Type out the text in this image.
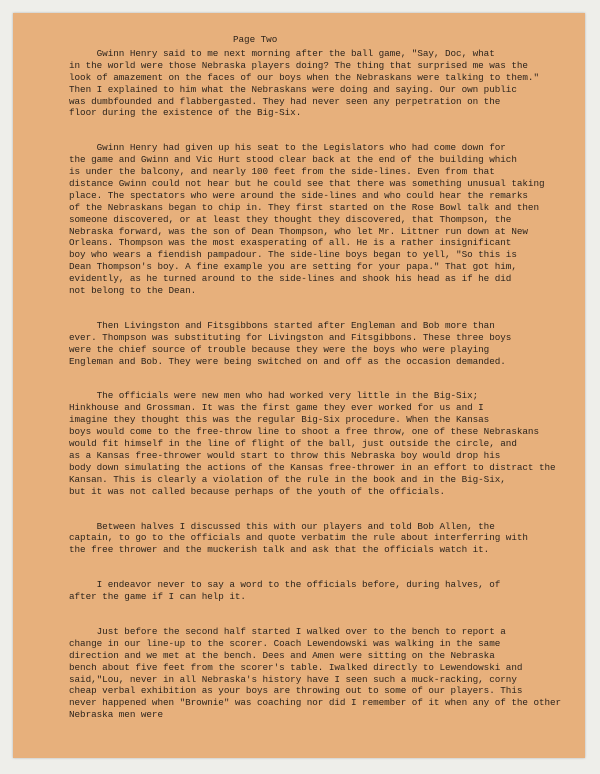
Page Two
Gwinn Henry said to me next morning after the ball game, "Say, Doc, what
in the world were those Nebraska players doing? The thing that surprised me was the
look of amazement on the faces of our boys when the Nebraskans were talking to them."
Then I explained to him what the Nebraskans were doing and saying. Our own public
was dumbfounded and flabbergasted. They had never seen any perpetration on the
floor during the existence of the Big-Six.
Gwinn Henry had given up his seat to the Legislators who had come down for
the game and Gwinn and Vic Hurt stood clear back at the end of the building which
is under the balcony, and nearly 100 feet from the side-lines. Even from that
distance Gwinn could not hear but he could see that there was something unusual taking
place. The spectators who were around the side-lines and who could hear the remarks
of the Nebraskans began to chip in. They first started on the Rose Bowl talk and then
someone discovered, or at least they thought they discovered, that Thompson, the
Nebraska forward, was the son of Dean Thompson, who let Mr. Littner run down at New
Orleans. Thompson was the most exasperating of all. He is a rather insignificant
boy who wears a fiendish pampadour. The side-line boys began to yell, "So this is
Dean Thompson's boy. A fine example you are setting for your papa." That got him,
evidently, as he turned around to the side-lines and shook his head as if he did
not belong to the Dean.
Then Livingston and Fitsgibbons started after Engleman and Bob more than
ever. Thompson was substituting for Livingston and Fitsgibbons. These three boys
were the chief source of trouble because they were the boys who were playing
Engleman and Bob. They were being switched on and off as the occasion demanded.
The officials were new men who had worked very little in the Big-Six;
Hinkhouse and Grossman. It was the first game they ever worked for us and I
imagine they thought this was the regular Big-Six procedure. When the Kansas
boys would come to the free-throw line to shoot a free throw, one of these Nebraskans
would fit himself in the line of flight of the ball, just outside the circle, and
as a Kansas free-thrower would start to throw this Nebraska boy would drop his
body down simulating the actions of the Kansas free-thrower in an effort to distract the
Kansan. This is clearly a violation of the rule in the book and in the Big-Six,
but it was not called because perhaps of the youth of the officials.
Between halves I discussed this with our players and told Bob Allen, the
captain, to go to the officials and quote verbatim the rule about interferring with
the free thrower and the muckerish talk and ask that the officials watch it.
I endeavor never to say a word to the officials before, during halves, of
after the game if I can help it.
Just before the second half started I walked over to the bench to report a
change in our line-up to the scorer. Coach Lewendowski was walking in the same
direction and we met at the bench. Dees and Amen were sitting on the Nebraska
bench about five feet from the scorer's table. Iwalked directly to Lewendowski and
said,"Lou, never in all Nebraska's history have I seen such a muck-racking, corny
cheap verbal exhibition as your boys are throwing out to some of our players. This
never happened when "Brownie" was coaching nor did I remember of it when any of the other
Nebraska men were
